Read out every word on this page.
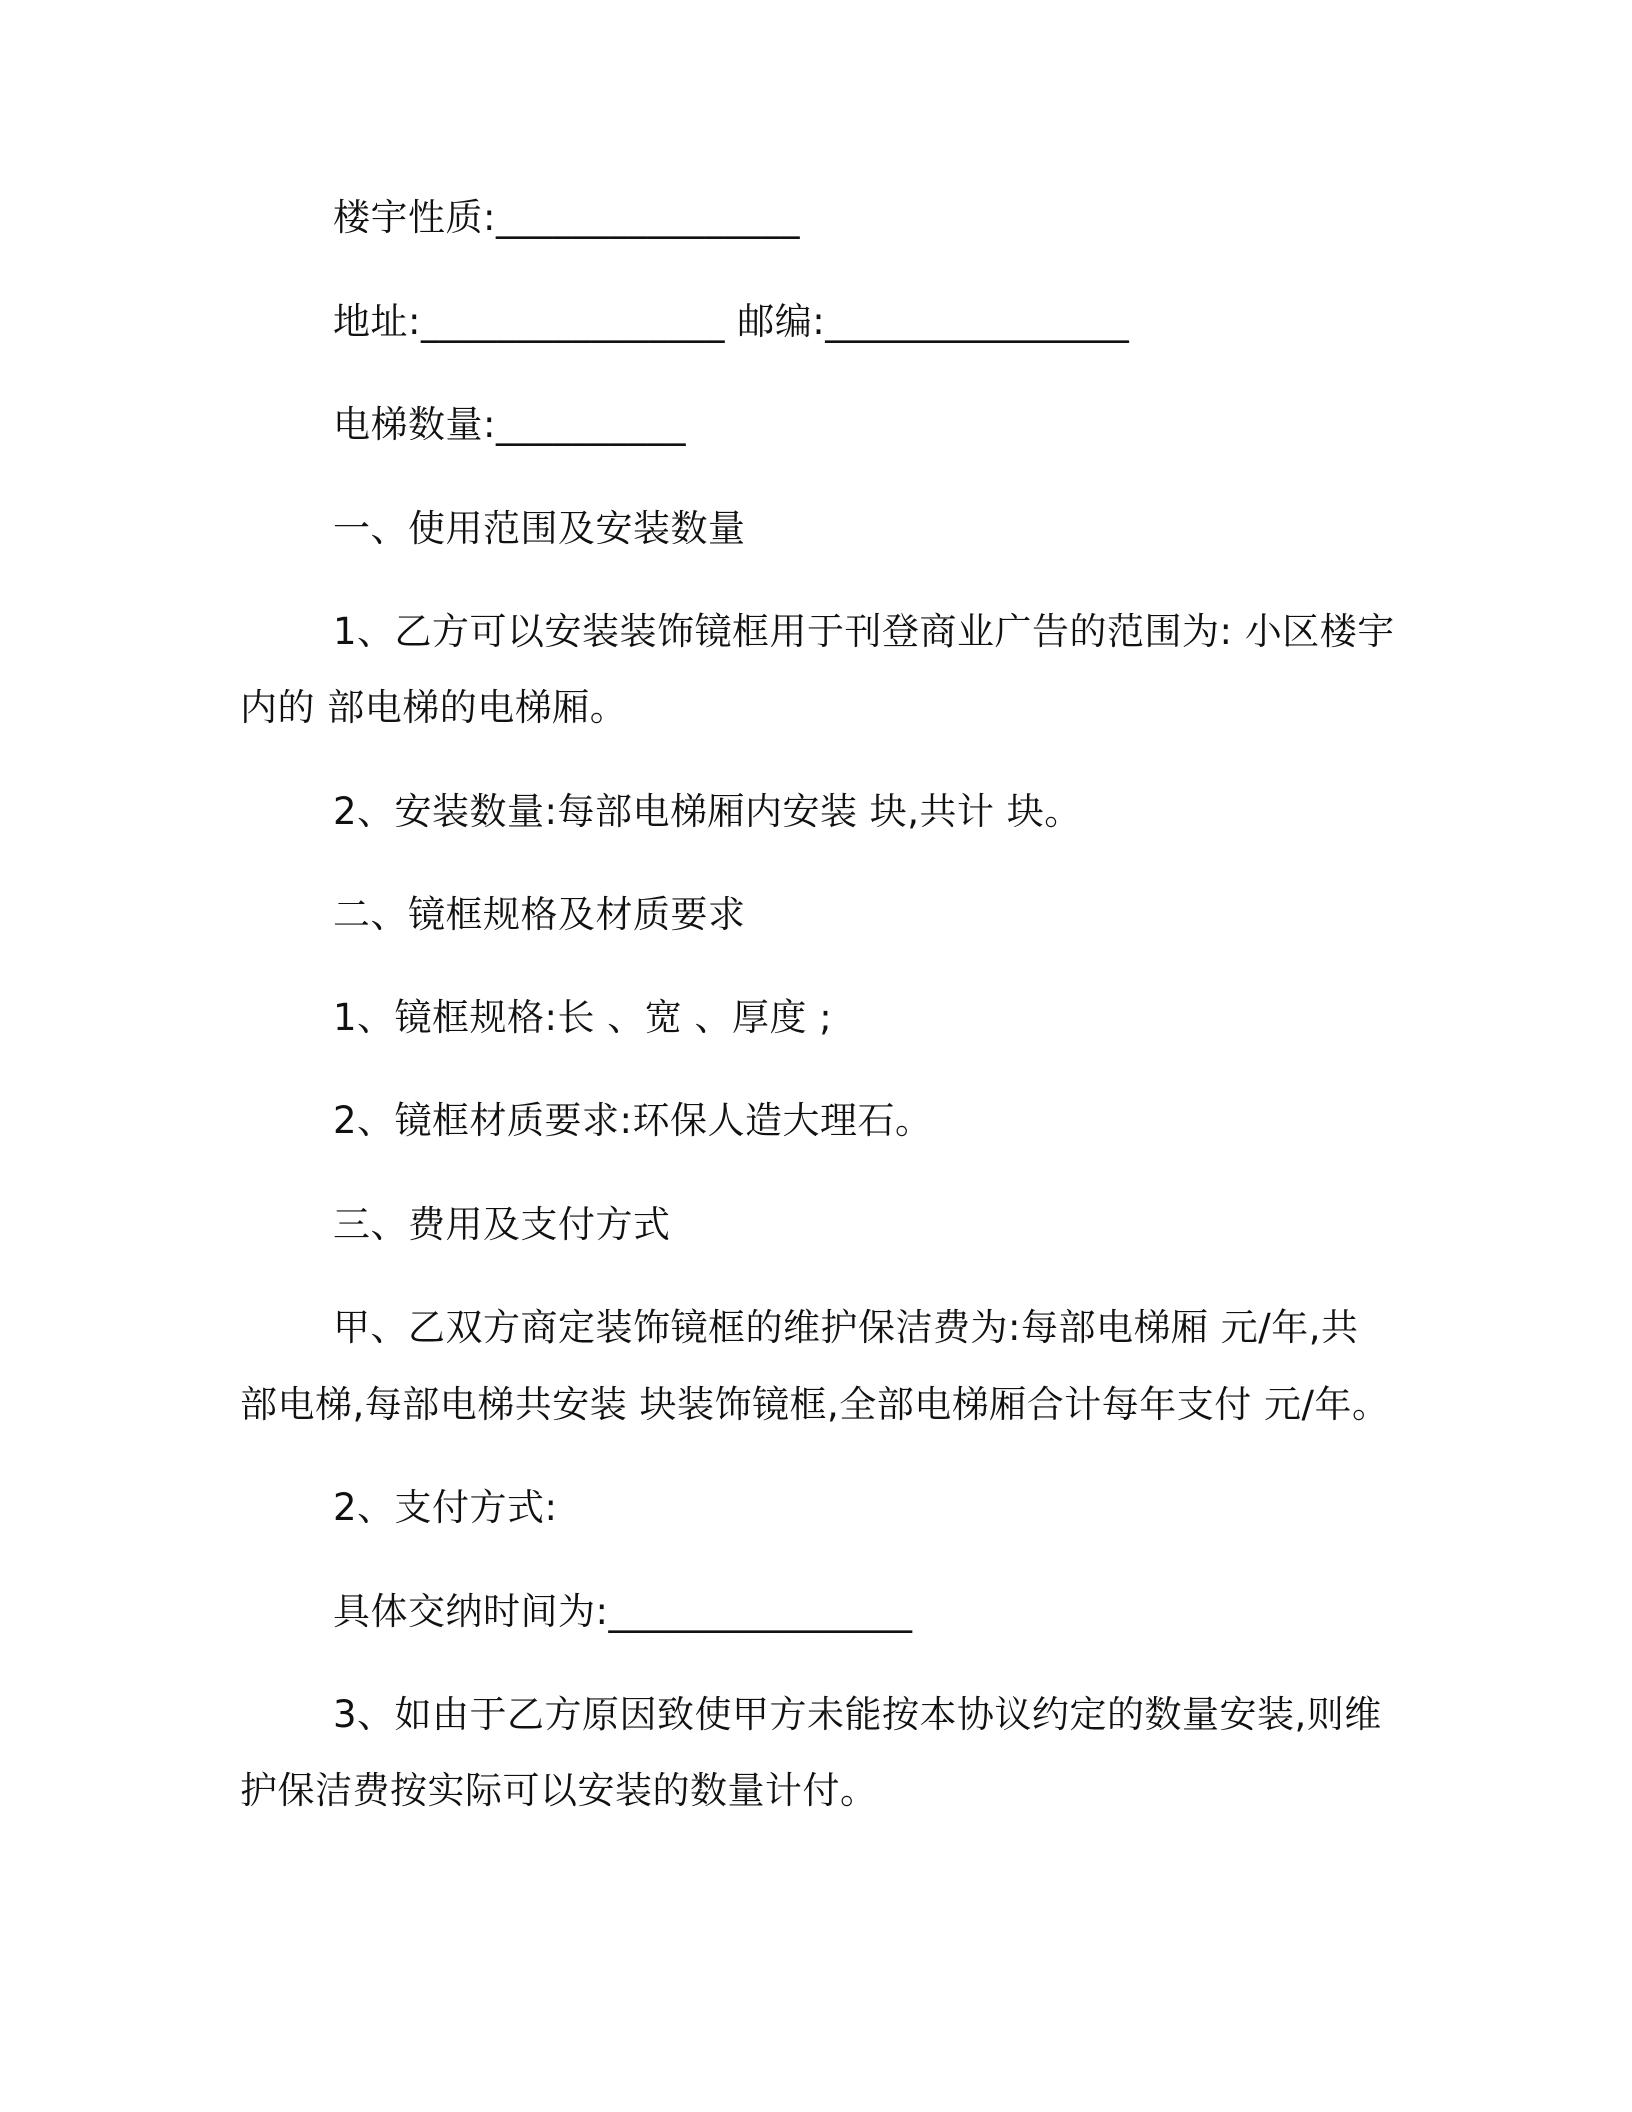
楼宇性质:________________
地址:________________ 邮编:________________
电梯数量:__________
一、使用范围及安装数量
1、乙方可以安装装饰镜框用于刊登商业广告的范围为: 小区楼宇
内的 部电梯的电梯厢。
2、安装数量:每部电梯厢内安装 块,共计 块。
二、镜框规格及材质要求
1、镜框规格:长 、宽 、厚度 ;
2、镜框材质要求:环保人造大理石。
三、费用及支付方式
甲、乙双方商定装饰镜框的维护保洁费为:每部电梯厢 元/年,共
部电梯,每部电梯共安装 块装饰镜框,全部电梯厢合计每年支付 元/年。
2、支付方式:
具体交纳时间为:________________
3、如由于乙方原因致使甲方未能按本协议约定的数量安装,则维
护保洁费按实际可以安装的数量计付。
